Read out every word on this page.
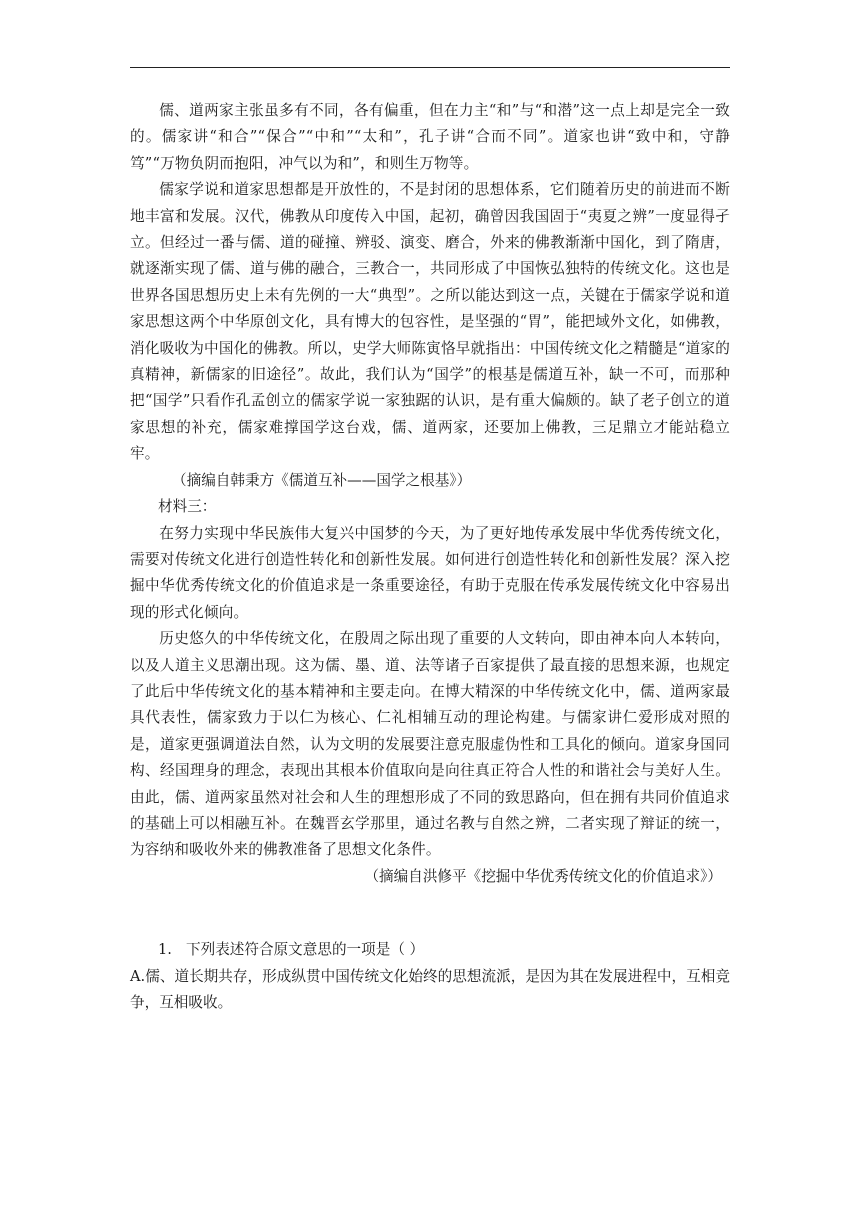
儒、道两家主张虽多有不同，各有偏重，但在力主“和”与“和潜”这一点上却是完全一致的。儒家讲“和合”“保合”“中和”“太和”，孔子讲“合而不同”。道家也讲“致中和，守静笃”“万物负阴而抱阳，冲气以为和”，和则生万物等。

儒家学说和道家思想都是开放性的，不是封闭的思想体系，它们随着历史的前进而不断地丰富和发展。汉代，佛教从印度传入中国，起初，确曾因我国固于“夷夏之辨”一度显得孑立。但经过一番与儒、道的碰撞、辨驳、演变、磨合，外来的佛教渐渐中国化，到了隋唐，就逐渐实现了儒、道与佛的融合，三教合一，共同形成了中国恢弘独特的传统文化。这也是世界各国思想历史上未有先例的一大“典型”。之所以能达到这一点，关键在于儒家学说和道家思想这两个中华原创文化，具有博大的包容性，是坚强的“胃”，能把域外文化，如佛教，消化吸收为中国化的佛教。所以，史学大师陈寅恪早就指出：中国传统文化之精髓是“道家的真精神，新儒家的旧途径”。故此，我们认为“国学”的根基是儒道互补，缺一不可，而那种把“国学”只看作孔孟创立的儒家学说一家独踞的认识，是有重大偏颇的。缺了老子创立的道家思想的补充，儒家难撑国学这台戏，儒、道两家，还要加上佛教，三足鼎立才能站稳立牢。

（摘编自韩秉方《儒道互补——国学之根基》）

材料三：

在努力实现中华民族伟大复兴中国梦的今天，为了更好地传承发展中华优秀传统文化，需要对传统文化进行创造性转化和创新性发展。如何进行创造性转化和创新性发展？深入挖掘中华优秀传统文化的价值追求是一条重要途径，有助于克服在传承发展传统文化中容易出现的形式化倾向。

历史悠久的中华传统文化，在殷周之际出现了重要的人文转向，即由神本向人本转向，以及人道主义思潮出现。这为儒、墨、道、法等诸子百家提供了最直接的思想来源，也规定了此后中华传统文化的基本精神和主要走向。在博大精深的中华传统文化中，儒、道两家最具代表性，儒家致力于以仁为核心、仁礼相辅互动的理论构建。与儒家讲仁爱形成对照的是，道家更强调道法自然，认为文明的发展要注意克服虚伪性和工具化的倾向。道家身国同构、经国理身的理念，表现出其根本价值取向是向往真正符合人性的和谐社会与美好人生。由此，儒、道两家虽然对社会和人生的理想形成了不同的致思路向，但在拥有共同价值追求的基础上可以相融互补。在魏晋玄学那里，通过名教与自然之辨，二者实现了辩证的统一，为容纳和吸收外来的佛教准备了思想文化条件。

（摘编自洪修平《挖掘中华优秀传统文化的价值追求》）

1. 下列表述符合原文意思的一项是（ ）

A.儒、道长期共存，形成纵贯中国传统文化始终的思想流派，是因为其在发展进程中，互相竞争，互相吸收。
